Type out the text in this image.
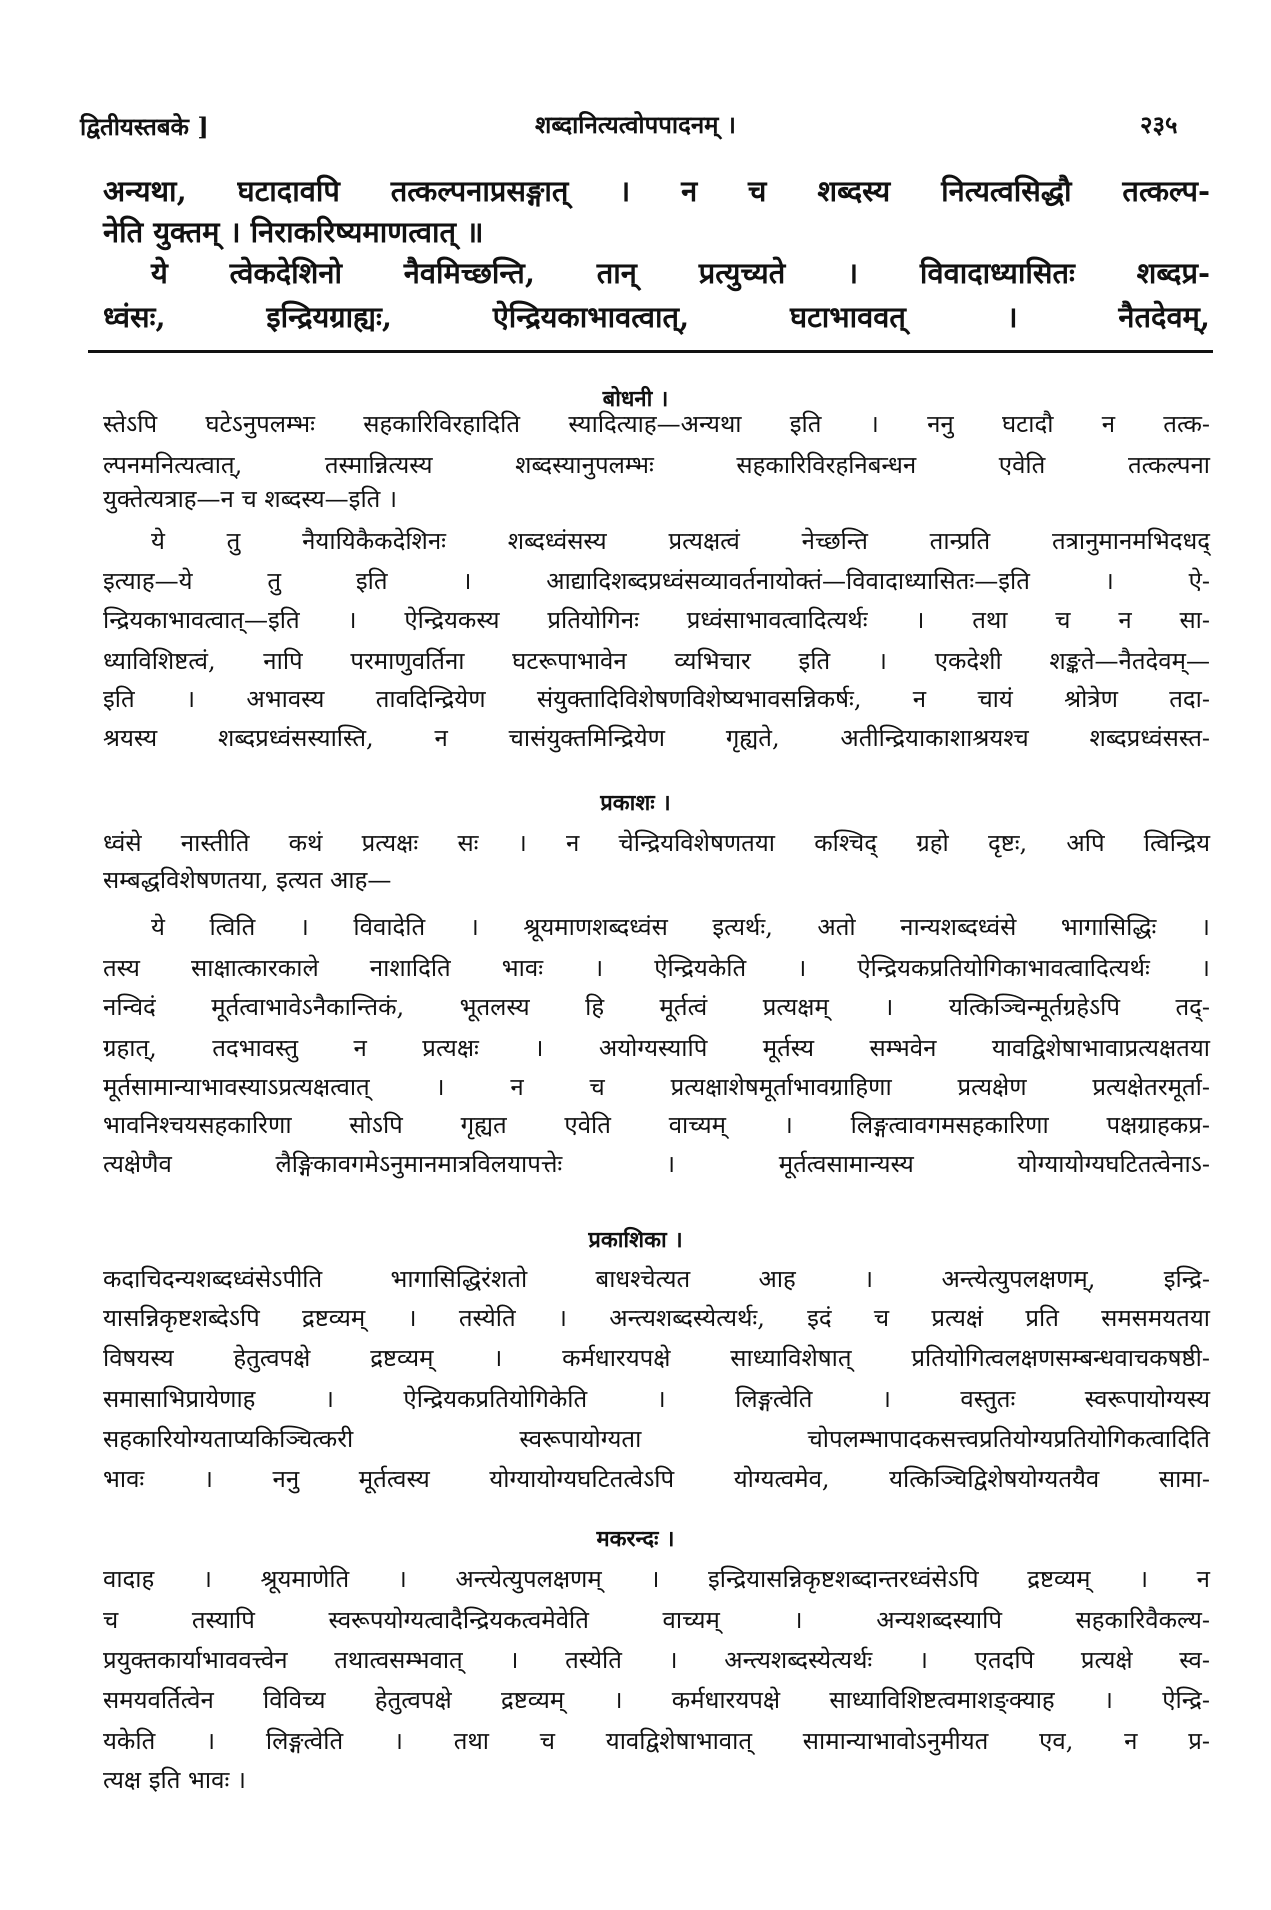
द्वितीयस्तबके ]	शब्दानित्यत्वोपपादनम् ।	२३५
अन्यथा, घटादावपि तत्कल्पनाप्रसङ्गात् । न च शब्दस्य नित्यत्वसिद्धौ तत्कल्प-
नेति युक्तम् । निराकरिष्यमाणत्वात् ॥
ये त्वेकदेशिनो नैवमिच्छन्ति, तान् प्रत्युच्यते । विवादाध्यासितः शब्दप्र-
ध्वंसः, इन्द्रियग्राह्यः, ऐन्द्रियकाभावत्वात्, घटाभाववत् । नैतदेवम्,
बोधनी ।
स्तेऽपि घटेऽनुपलम्भः सहकारिविरहादिति स्यादित्याह—अन्यथा इति । ननु घटादौ न तत्क-
ल्पनमनित्यत्वात्, तस्मान्नित्यस्य शब्दस्यानुपलम्भः सहकारिविरहनिबन्धन एवेति तत्कल्पना
युक्तेत्यत्राह—न च शब्दस्य—इति ।
ये तु नैयायिकैकदेशिनः शब्दध्वंसस्य प्रत्यक्षत्वं नेच्छन्ति तान्प्रति तत्रानुमानमभिदधद्
इत्याह—ये तु इति । आद्यादिशब्दप्रध्वंसव्यावर्तनायोक्तं—विवादाध्यासितः—इति । ऐ-
न्द्रियकाभावत्वात्—इति । ऐन्द्रियकस्य प्रतियोगिनः प्रध्वंसाभावत्वादित्यर्थः । तथा च न सा-
ध्याविशिष्टत्वं, नापि परमाणुवर्तिना घटरूपाभावेन व्यभिचार इति । एकदेशी शङ्कते—नैतदेवम्—
इति । अभावस्य तावदिन्द्रियेण संयुक्तादिविशेषणविशेष्यभावसन्निकर्षः, न चायं श्रोत्रेण तदा-
श्रयस्य शब्दप्रध्वंसस्यास्ति, न चासंयुक्तमिन्द्रियेण गृह्यते, अतीन्द्रियाकाशाश्रयश्च शब्दप्रध्वंसस्त-
प्रकाशः ।
ध्वंसे नास्तीति कथं प्रत्यक्षः सः । न चेन्द्रियविशेषणतया कश्चिद् ग्रहो दृष्टः, अपि त्विन्द्रिय
सम्बद्धविशेषणतया, इत्यत आह—
ये त्विति । विवादेति । श्रूयमाणशब्दध्वंस इत्यर्थः, अतो नान्यशब्दध्वंसे भागासिद्धिः ।
तस्य साक्षात्कारकाले नाशादिति भावः । ऐन्द्रियकेति । ऐन्द्रियकप्रतियोगिकाभावत्वादित्यर्थः ।
नन्विदं मूर्तत्वाभावेऽनैकान्तिकं, भूतलस्य हि मूर्तत्वं प्रत्यक्षम् । यत्किञ्चिन्मूर्तग्रहेऽपि तद्-
ग्रहात्, तदभावस्तु न प्रत्यक्षः । अयोग्यस्यापि मूर्तस्य सम्भवेन यावद्विशेषाभावाप्रत्यक्षतया
मूर्तसामान्याभावस्याऽप्रत्यक्षत्वात् । न च प्रत्यक्षाशेषमूर्ताभावग्राहिणा प्रत्यक्षेण प्रत्यक्षेतरमूर्ता-
भावनिश्चयसहकारिणा सोऽपि गृह्यत एवेति वाच्यम् । लिङ्गत्वावगमसहकारिणा पक्षग्राहकप्र-
त्यक्षेणैव लैङ्गिकावगमेऽनुमानमात्रविलयापत्तेः । मूर्तत्वसामान्यस्य योग्यायोग्यघटितत्वेनाऽ-
प्रकाशिका ।
कदाचिदन्यशब्दध्वंसेऽपीति भागासिद्धिरंशतो बाधश्चेत्यत आह । अन्त्येत्युपलक्षणम्, इन्द्रि-
यासन्निकृष्टशब्देऽपि द्रष्टव्यम् । तस्येति । अन्त्यशब्दस्येत्यर्थः, इदं च प्रत्यक्षं प्रति समसमयतया
विषयस्य हेतुत्वपक्षे द्रष्टव्यम् । कर्मधारयपक्षे साध्याविशेषात् प्रतियोगित्वलक्षणसम्बन्धवाचकषष्ठी-
समासाभिप्रायेणाह । ऐन्द्रियकप्रतियोगिकेति । लिङ्गत्वेति । वस्तुतः स्वरूपायोग्यस्य
सहकारियोग्यताप्यकिञ्चित्करी स्वरूपायोग्यता चोपलम्भापादकसत्त्वप्रतियोग्यप्रतियोगिकत्वादिति
भावः । ननु मूर्तत्वस्य योग्यायोग्यघटितत्वेऽपि योग्यत्वमेव, यत्किञ्चिद्विशेषयोग्यतयैव सामा-
मकरन्दः ।
वादाह । श्रूयमाणेति । अन्त्येत्युपलक्षणम् । इन्द्रियासन्निकृष्टशब्दान्तरध्वंसेऽपि द्रष्टव्यम् । न
च तस्यापि स्वरूपयोग्यत्वादैन्द्रियकत्वमेवेति वाच्यम् । अन्यशब्दस्यापि सहकारिवैकल्य-
प्रयुक्तकार्याभाववत्त्वेन तथात्वसम्भवात् । तस्येति । अन्त्यशब्दस्येत्यर्थः । एतदपि प्रत्यक्षे स्व-
समयवर्तित्वेन विविच्य हेतुत्वपक्षे द्रष्टव्यम् । कर्मधारयपक्षे साध्याविशिष्टत्वमाशङ्क्याह । ऐन्द्रि-
यकेति । लिङ्गत्वेति । तथा च यावद्विशेषाभावात् सामान्याभावोऽनुमीयत एव, न प्र-
त्यक्ष इति भावः ।
